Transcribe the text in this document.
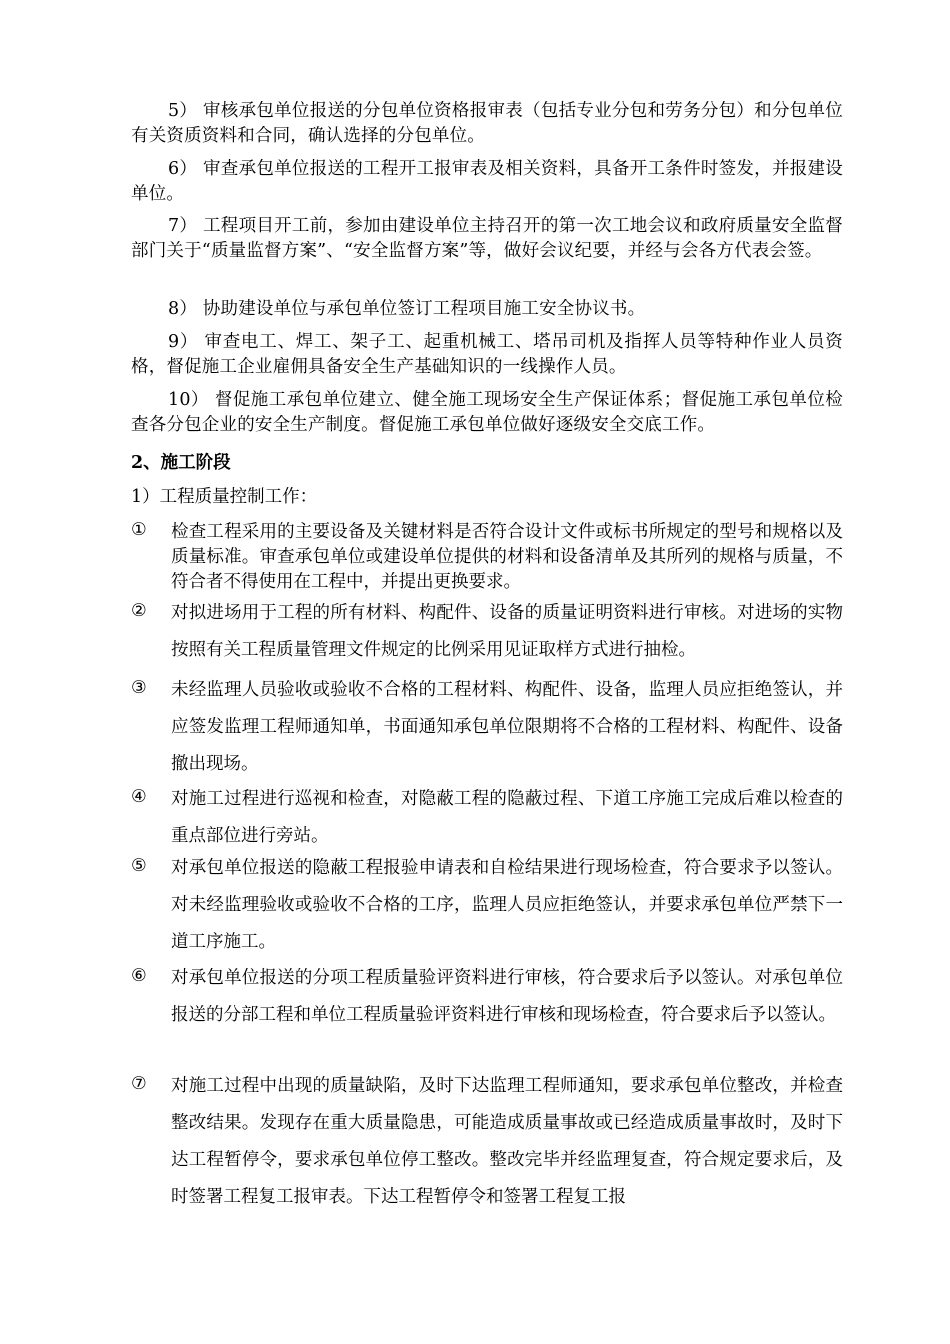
5） 审核承包单位报送的分包单位资格报审表（包括专业分包和劳务分包）和分包单位有关资质资料和合同，确认选择的分包单位。

6） 审查承包单位报送的工程开工报审表及相关资料，具备开工条件时签发，并报建设单位。

7） 工程项目开工前，参加由建设单位主持召开的第一次工地会议和政府质量安全监督部门关于“质量监督方案”、“安全监督方案”等，做好会议纪要，并经与会各方代表会签。

8） 协助建设单位与承包单位签订工程项目施工安全协议书。

9） 审查电工、焊工、架子工、起重机械工、塔吊司机及指挥人员等特种作业人员资格，督促施工企业雇佣具备安全生产基础知识的一线操作人员。

10） 督促施工承包单位建立、健全施工现场安全生产保证体系；督促施工承包单位检查各分包企业的安全生产制度。督促施工承包单位做好逐级安全交底工作。

2、施工阶段

1）工程质量控制工作：

①	检查工程采用的主要设备及关键材料是否符合设计文件或标书所规定的型号和规格以及质量标准。审查承包单位或建设单位提供的材料和设备清单及其所列的规格与质量，不符合者不得使用在工程中，并提出更换要求。
②	对拟进场用于工程的所有材料、构配件、设备的质量证明资料进行审核。对进场的实物按照有关工程质量管理文件规定的比例采用见证取样方式进行抽检。
③	未经监理人员验收或验收不合格的工程材料、构配件、设备，监理人员应拒绝签认，并应签发监理工程师通知单，书面通知承包单位限期将不合格的工程材料、构配件、设备撤出现场。
④	对施工过程进行巡视和检查，对隐蔽工程的隐蔽过程、下道工序施工完成后难以检查的重点部位进行旁站。
⑤	对承包单位报送的隐蔽工程报验申请表和自检结果进行现场检查，符合要求予以签认。对未经监理验收或验收不合格的工序，监理人员应拒绝签认，并要求承包单位严禁下一道工序施工。
⑥	对承包单位报送的分项工程质量验评资料进行审核，符合要求后予以签认。对承包单位报送的分部工程和单位工程质量验评资料进行审核和现场检查，符合要求后予以签认。
⑦	对施工过程中出现的质量缺陷，及时下达监理工程师通知，要求承包单位整改，并检查整改结果。发现存在重大质量隐患，可能造成质量事故或已经造成质量事故时，及时下达工程暂停令，要求承包单位停工整改。整改完毕并经监理复查，符合规定要求后，及时签署工程复工报审表。下达工程暂停令和签署工程复工报
